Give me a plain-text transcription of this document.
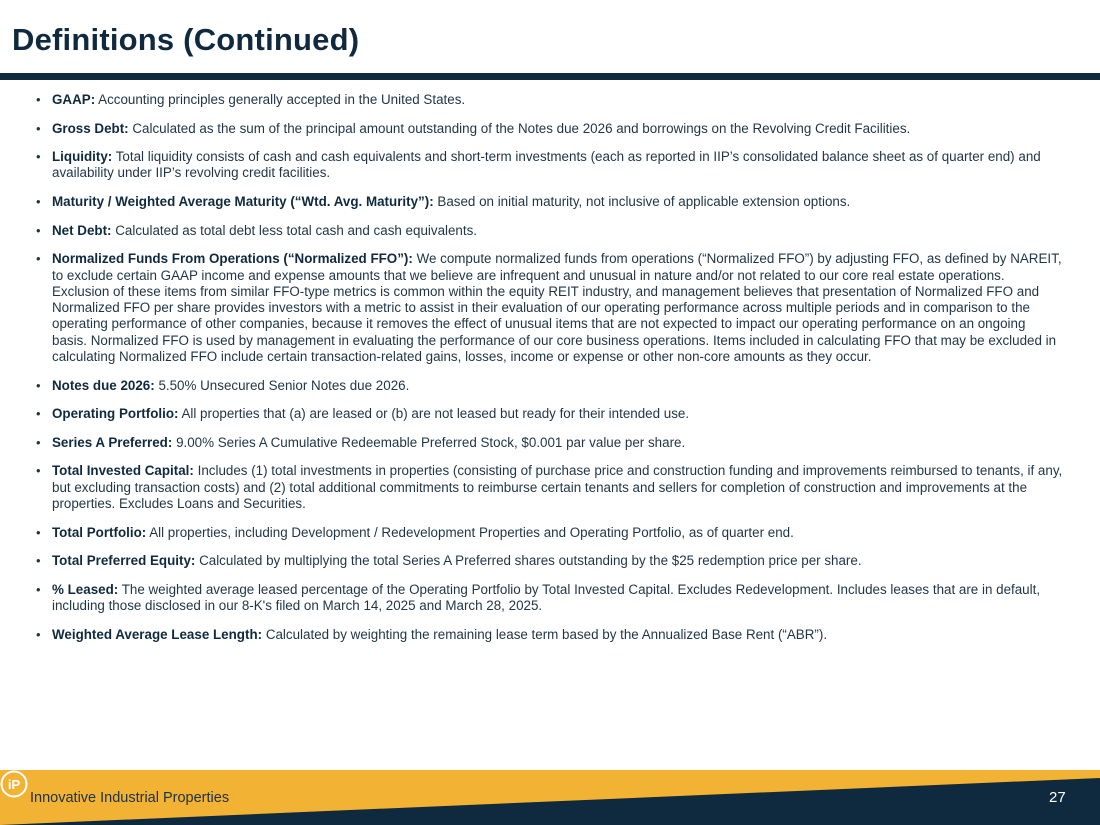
Definitions (Continued)
• GAAP: Accounting principles generally accepted in the United States.
• Gross Debt: Calculated as the sum of the principal amount outstanding of the Notes due 2026 and borrowings on the Revolving Credit Facilities.
• Liquidity: Total liquidity consists of cash and cash equivalents and short-term investments (each as reported in IIP’s consolidated balance sheet as of quarter end) and availability under IIP’s revolving credit facilities.
• Maturity / Weighted Average Maturity (“Wtd. Avg. Maturity”): Based on initial maturity, not inclusive of applicable extension options.
• Net Debt: Calculated as total debt less total cash and cash equivalents.
• Normalized Funds From Operations (“Normalized FFO”): We compute normalized funds from operations (“Normalized FFO”) by adjusting FFO, as defined by NAREIT, to exclude certain GAAP income and expense amounts that we believe are infrequent and unusual in nature and/or not related to our core real estate operations. Exclusion of these items from similar FFO-type metrics is common within the equity REIT industry, and management believes that presentation of Normalized FFO and Normalized FFO per share provides investors with a metric to assist in their evaluation of our operating performance across multiple periods and in comparison to the operating performance of other companies, because it removes the effect of unusual items that are not expected to impact our operating performance on an ongoing basis. Normalized FFO is used by management in evaluating the performance of our core business operations. Items included in calculating FFO that may be excluded in calculating Normalized FFO include certain transaction-related gains, losses, income or expense or other non-core amounts as they occur.
• Notes due 2026: 5.50% Unsecured Senior Notes due 2026.
• Operating Portfolio: All properties that (a) are leased or (b) are not leased but ready for their intended use.
• Series A Preferred: 9.00% Series A Cumulative Redeemable Preferred Stock, $0.001 par value per share.
• Total Invested Capital: Includes (1) total investments in properties (consisting of purchase price and construction funding and improvements reimbursed to tenants, if any, but excluding transaction costs) and (2) total additional commitments to reimburse certain tenants and sellers for completion of construction and improvements at the properties. Excludes Loans and Securities.
• Total Portfolio: All properties, including Development / Redevelopment Properties and Operating Portfolio, as of quarter end.
• Total Preferred Equity: Calculated by multiplying the total Series A Preferred shares outstanding by the $25 redemption price per share.
• % Leased: The weighted average leased percentage of the Operating Portfolio by Total Invested Capital. Excludes Redevelopment. Includes leases that are in default, including those disclosed in our 8-K's filed on March 14, 2025 and March 28, 2025.
• Weighted Average Lease Length: Calculated by weighting the remaining lease term based by the Annualized Base Rent (“ABR”).
Innovative Industrial Properties
iP
27
